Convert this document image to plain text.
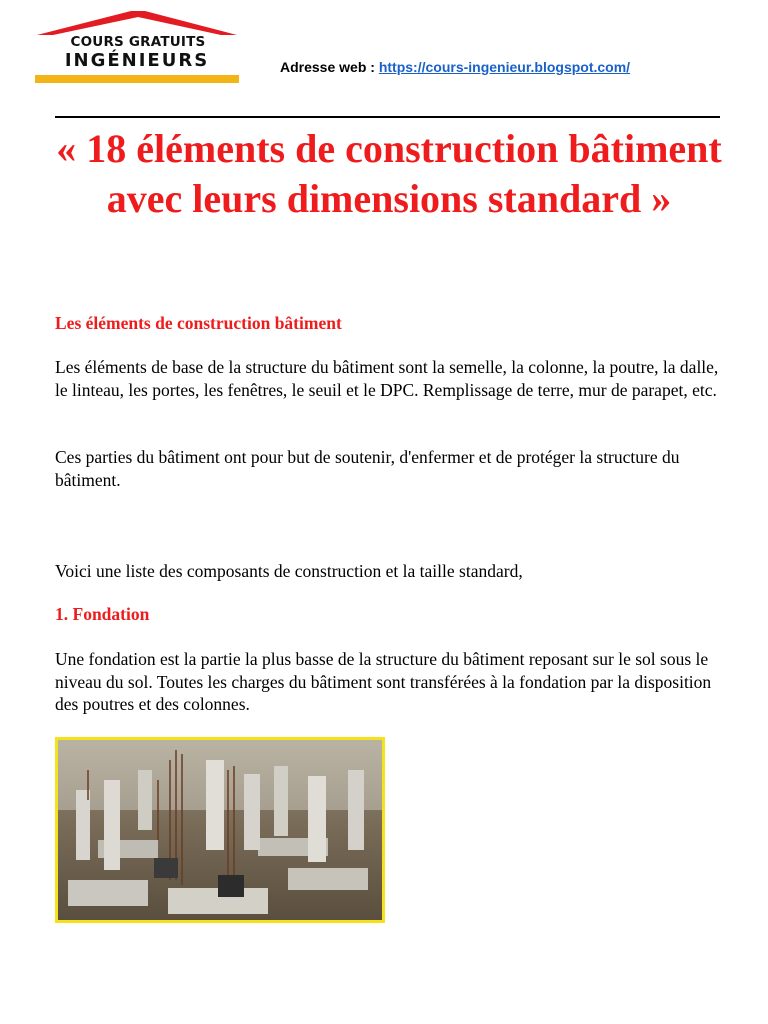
COURS GRATUITS
INGÉNIEURS	Adresse web : https://cours-ingenieur.blogspot.com/
« 18 éléments de construction bâtiment avec leurs dimensions standard »
Les éléments de construction bâtiment
Les éléments de base de la structure du bâtiment sont la semelle, la colonne, la poutre, la dalle, le linteau, les portes, les fenêtres, le seuil et le DPC. Remplissage de terre, mur de parapet, etc.
Ces parties du bâtiment ont pour but de soutenir, d'enfermer et de protéger la structure du bâtiment.
Voici une liste des composants de construction et la taille standard,
1. Fondation
Une fondation est la partie la plus basse de la structure du bâtiment reposant sur le sol sous le niveau du sol. Toutes les charges du bâtiment sont transférées à la fondation par la disposition des poutres et des colonnes.
